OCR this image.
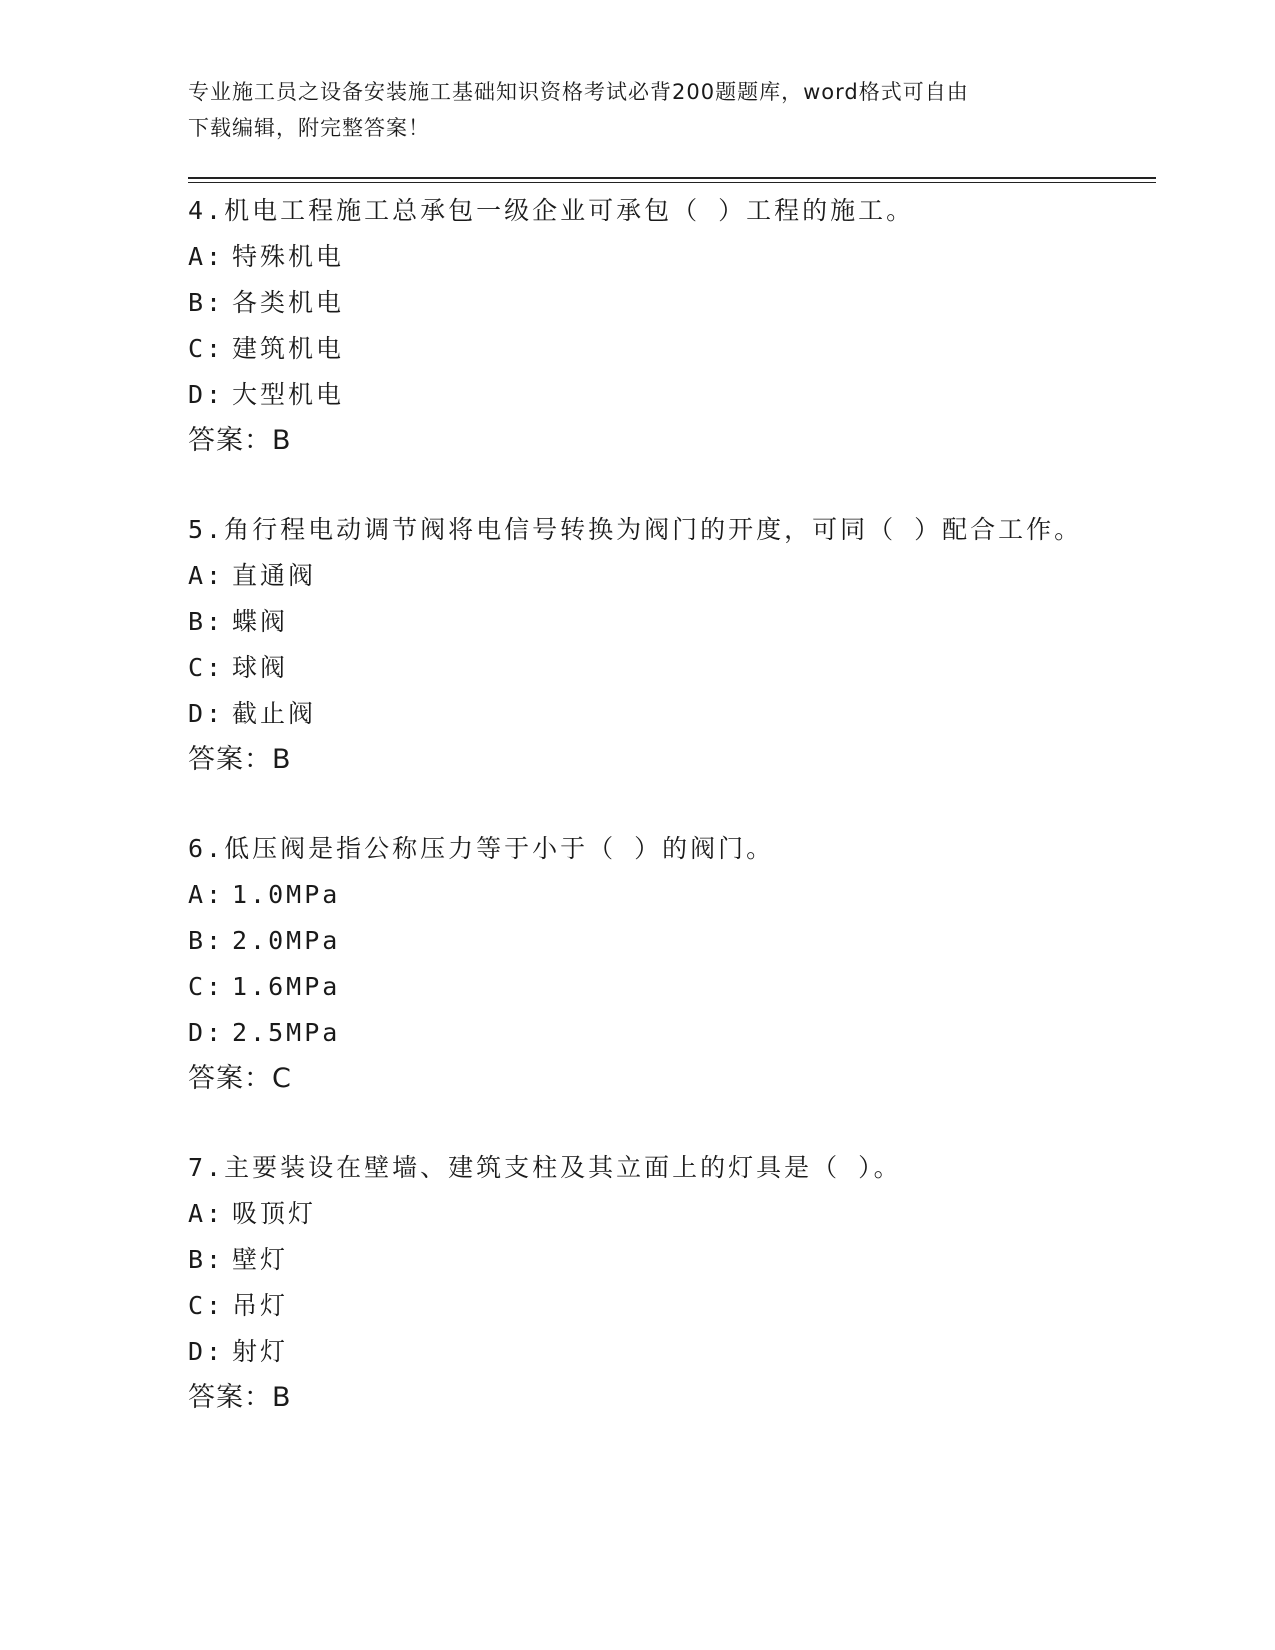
专业施工员之设备安装施工基础知识资格考试必背200题题库，word格式可自由
下载编辑，附完整答案！
4.机电工程施工总承包一级企业可承包（ ）工程的施工。
A: 特殊机电
B: 各类机电
C: 建筑机电
D: 大型机电
答案：B
5.角行程电动调节阀将电信号转换为阀门的开度，可同（ ）配合工作。
A: 直通阀
B: 蝶阀
C: 球阀
D: 截止阀
答案：B
6.低压阀是指公称压力等于小于（ ）的阀门。
A: 1.0MPa
B: 2.0MPa
C: 1.6MPa
D: 2.5MPa
答案：C
7.主要装设在壁墙、建筑支柱及其立面上的灯具是（ ）。
A: 吸顶灯
B: 壁灯
C: 吊灯
D: 射灯
答案：B
